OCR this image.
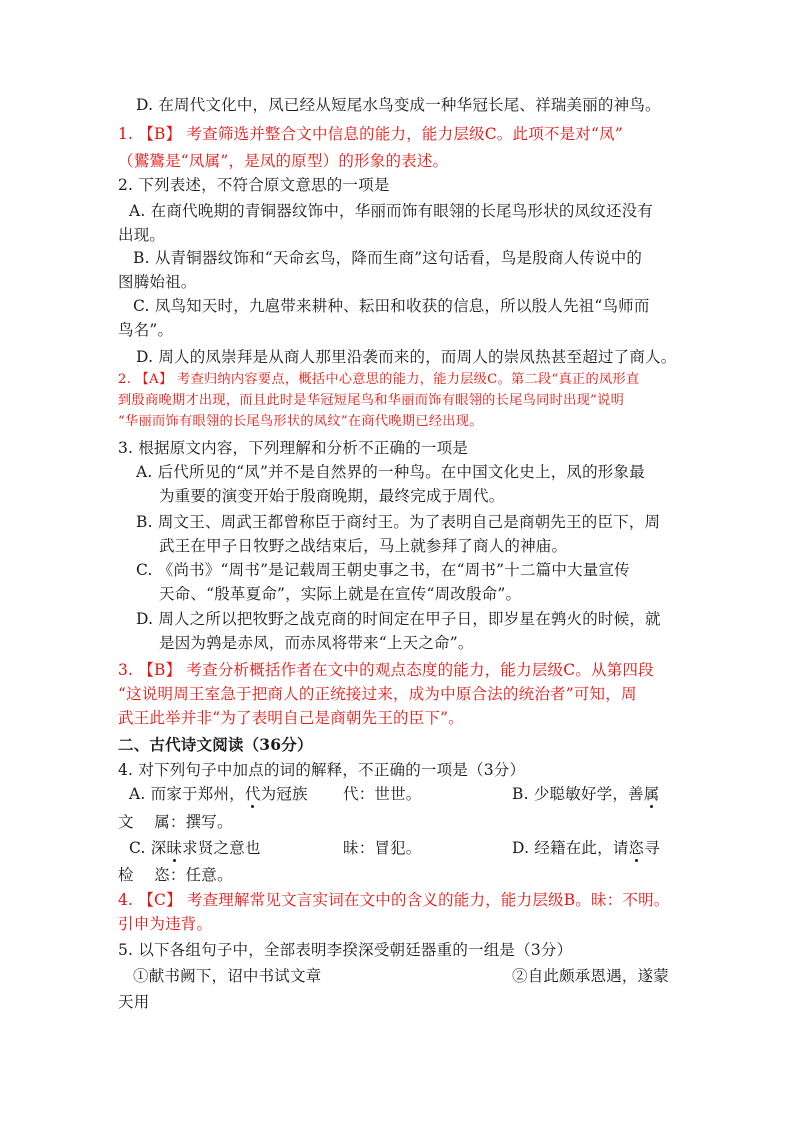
D. 在周代文化中，凤已经从短尾水鸟变成一种华冠长尾、祥瑞美丽的神鸟。
1. 【B】 考查筛选并整合文中信息的能力，能力层级C。此项不是对“凤”
（鸑鷟是“凤属”，是凤的原型）的形象的表述。
2. 下列表述，不符合原文意思的一项是
A. 在商代晚期的青铜器纹饰中，华丽而饰有眼翎的长尾鸟形状的凤纹还没有
出现。
B. 从青铜器纹饰和“天命玄鸟，降而生商”这句话看，鸟是殷商人传说中的
图腾始祖。
C. 凤鸟知天时，九扈带来耕种、耘田和收获的信息，所以殷人先祖“鸟师而
鸟名”。
D. 周人的凤崇拜是从商人那里沿袭而来的，而周人的崇凤热甚至超过了商人。
2. 【A】 考查归纳内容要点，概括中心意思的能力，能力层级C。第二段“真正的凤形直
到殷商晚期才出现，而且此时是华冠短尾鸟和华丽而饰有眼翎的长尾鸟同时出现”说明
“华丽而饰有眼翎的长尾鸟形状的凤纹”在商代晚期已经出现。
3. 根据原文内容，下列理解和分析不正确的一项是
A. 后代所见的“凤”并不是自然界的一种鸟。在中国文化史上，凤的形象最
为重要的演变开始于殷商晚期，最终完成于周代。
B. 周文王、周武王都曾称臣于商纣王。为了表明自己是商朝先王的臣下，周
武王在甲子日牧野之战结束后，马上就参拜了商人的神庙。
C. 《尚书》“周书”是记载周王朝史事之书，在“周书”十二篇中大量宣传
天命、“殷革夏命”，实际上就是在宣传“周改殷命”。
D. 周人之所以把牧野之战克商的时间定在甲子日，即岁星在鹑火的时候，就
是因为鹑是赤凤，而赤凤将带来“上天之命”。
3. 【B】 考查分析概括作者在文中的观点态度的能力，能力层级C。从第四段
“这说明周王室急于把商人的正统接过来，成为中原合法的统治者”可知，周
武王此举并非“为了表明自己是商朝先王的臣下”。
二、古代诗文阅读（36分）
4. 对下列句子中加点的词的解释，不正确的一项是（3分）
A. 而家于郑州，代为冠族 代：世世。	B. 少聪敏好学，善属
文    属：撰写。
C. 深昧求贤之意也	昧：冒犯。	D. 经籍在此，请恣寻
检    恣：任意。
4. 【C】 考查理解常见文言实词在文中的含义的能力，能力层级B。昧：不明。
引申为违背。
5. 以下各组句子中，全部表明李揆深受朝廷器重的一组是（3分）
①献书阙下，诏中书试文章	②自此颇承恩遇，遂蒙
天用
